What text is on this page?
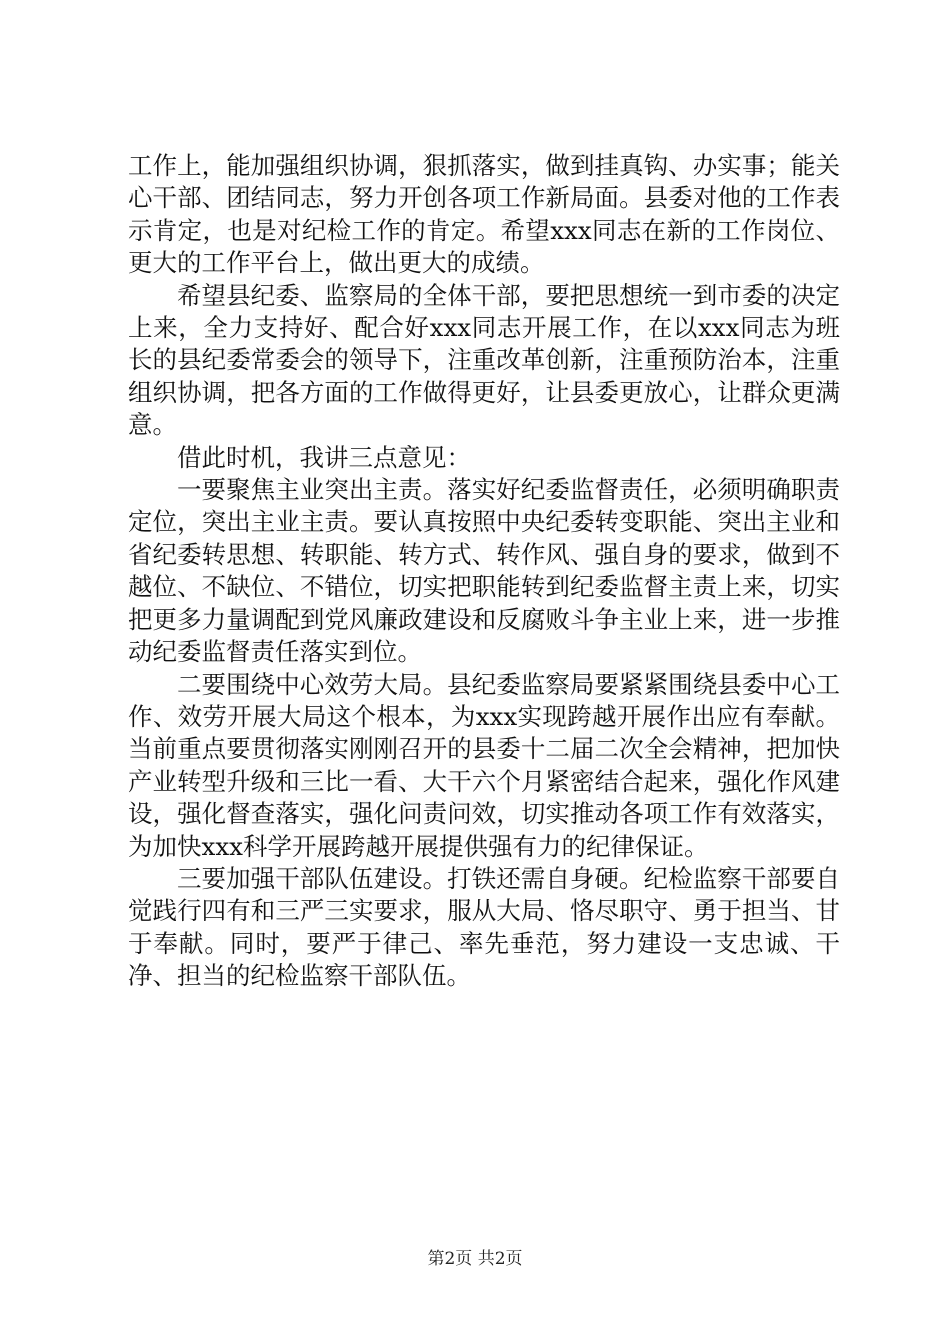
工作上，能加强组织协调，狠抓落实，做到挂真钩、办实事；能关心干部、团结同志，努力开创各项工作新局面。县委对他的工作表示肯定，也是对纪检工作的肯定。希望xxx同志在新的工作岗位、更大的工作平台上，做出更大的成绩。

希望县纪委、监察局的全体干部，要把思想统一到市委的决定上来，全力支持好、配合好xxx同志开展工作，在以xxx同志为班长的县纪委常委会的领导下，注重改革创新，注重预防治本，注重组织协调，把各方面的工作做得更好，让县委更放心，让群众更满意。

借此时机，我讲三点意见：

一要聚焦主业突出主责。落实好纪委监督责任，必须明确职责定位，突出主业主责。要认真按照中央纪委转变职能、突出主业和省纪委转思想、转职能、转方式、转作风、强自身的要求，做到不越位、不缺位、不错位，切实把职能转到纪委监督主责上来，切实把更多力量调配到党风廉政建设和反腐败斗争主业上来，进一步推动纪委监督责任落实到位。

二要围绕中心效劳大局。县纪委监察局要紧紧围绕县委中心工作、效劳开展大局这个根本，为xxx实现跨越开展作出应有奉献。当前重点要贯彻落实刚刚召开的县委十二届二次全会精神，把加快产业转型升级和三比一看、大干六个月紧密结合起来，强化作风建设，强化督查落实，强化问责问效，切实推动各项工作有效落实，为加快xxx科学开展跨越开展提供强有力的纪律保证。

三要加强干部队伍建设。打铁还需自身硬。纪检监察干部要自觉践行四有和三严三实要求，服从大局、恪尽职守、勇于担当、甘于奉献。同时，要严于律己、率先垂范，努力建设一支忠诚、干净、担当的纪检监察干部队伍。

第2页 共2页
